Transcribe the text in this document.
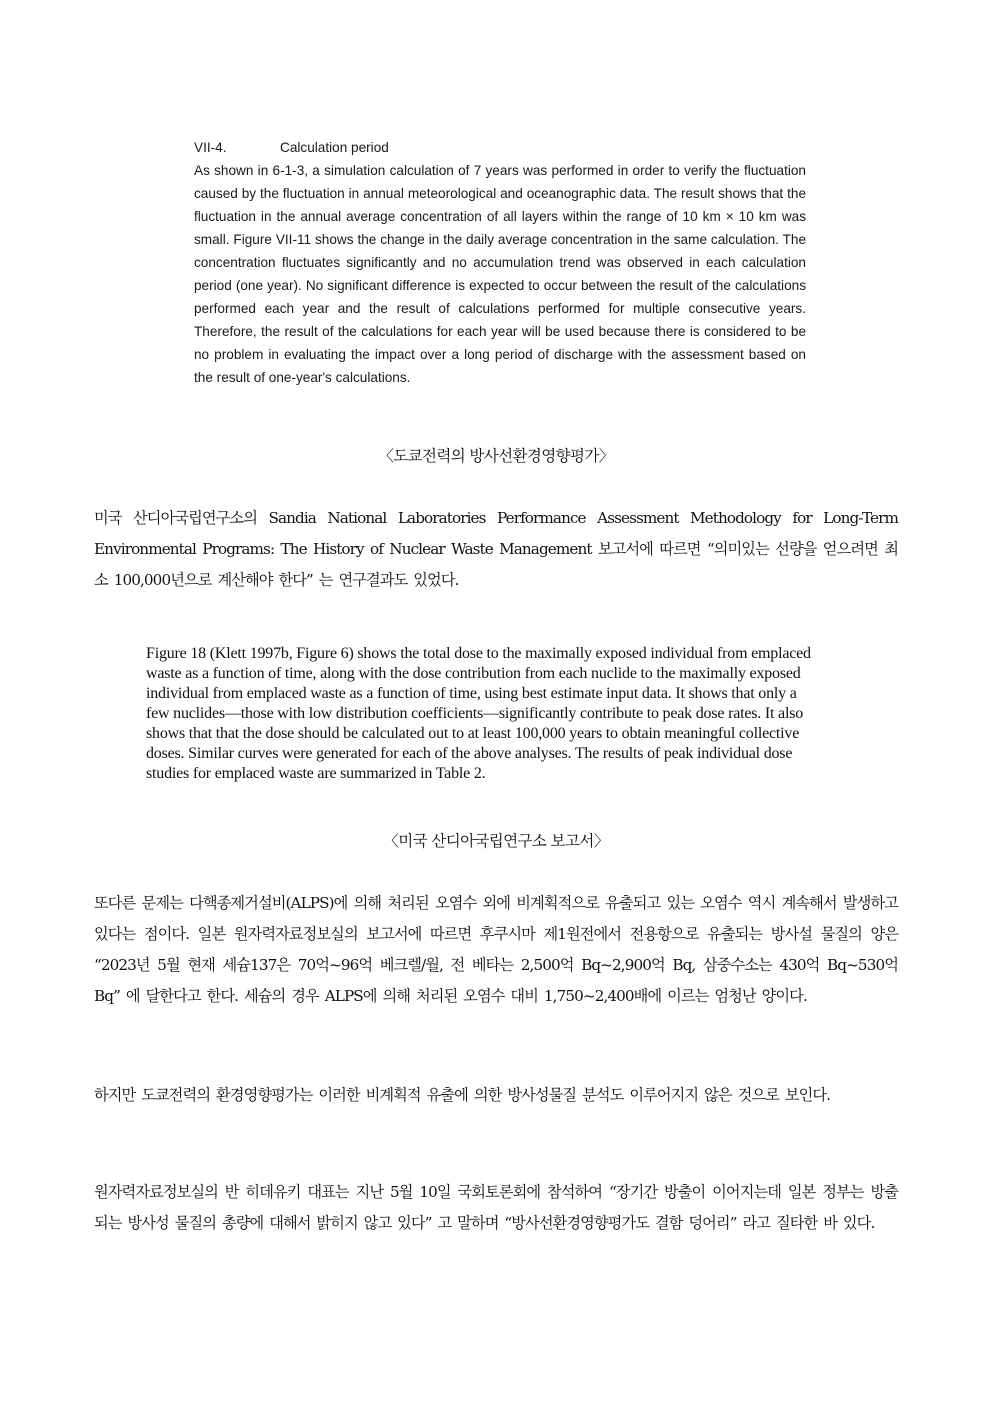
VII-4.	Calculation period

As shown in 6-1-3, a simulation calculation of 7 years was performed in order to verify the fluctuation caused by the fluctuation in annual meteorological and oceanographic data. The result shows that the fluctuation in the annual average concentration of all layers within the range of 10 km × 10 km was small. Figure VII-11 shows the change in the daily average concentration in the same calculation. The concentration fluctuates significantly and no accumulation trend was observed in each calculation period (one year). No significant difference is expected to occur between the result of the calculations performed each year and the result of calculations performed for multiple consecutive years. Therefore, the result of the calculations for each year will be used because there is considered to be no problem in evaluating the impact over a long period of discharge with the assessment based on the result of one-year's calculations.

〈도쿄전력의 방사선환경영향평가〉

미국 산디아국립연구소의 Sandia National Laboratories Performance Assessment Methodology for Long-Term Environmental Programs: The History of Nuclear Waste Management 보고서에 따르면 “의미있는 선량을 얻으려면 최소 100,000년으로 계산해야 한다” 는 연구결과도 있었다.

Figure 18 (Klett 1997b, Figure 6) shows the total dose to the maximally exposed individual from emplaced waste as a function of time, along with the dose contribution from each nuclide to the maximally exposed individual from emplaced waste as a function of time, using best estimate input data. It shows that only a few nuclides—those with low distribution coefficients—significantly contribute to peak dose rates. It also shows that that the dose should be calculated out to at least 100,000 years to obtain meaningful collective doses. Similar curves were generated for each of the above analyses. The results of peak individual dose studies for emplaced waste are summarized in Table 2.

〈미국 산디아국립연구소 보고서〉

또다른 문제는 다핵종제거설비(ALPS)에 의해 처리된 오염수 외에 비계획적으로 유출되고 있는 오염수 역시 계속해서 발생하고 있다는 점이다. 일본 원자력자료정보실의 보고서에 따르면 후쿠시마 제1원전에서 전용항으로 유출되는 방사설 물질의 양은 “2023년 5월 현재 세슘137은 70억~96억 베크렐/월, 전 베타는 2,500억 Bq~2,900억 Bq, 삼중수소는 430억 Bq~530억 Bq” 에 달한다고 한다. 세슘의 경우 ALPS에 의해 처리된 오염수 대비 1,750~2,400배에 이르는 엄청난 양이다.

하지만 도쿄전력의 환경영향평가는 이러한 비계획적 유출에 의한 방사성물질 분석도 이루어지지 않은 것으로 보인다.

원자력자료정보실의 반 히데유키 대표는 지난 5월 10일 국회토론회에 참석하여 “장기간 방출이 이어지는데 일본 정부는 방출되는 방사성 물질의 총량에 대해서 밝히지 않고 있다” 고 말하며 “방사선환경영향평가도 결함 덩어리” 라고 질타한 바 있다.
